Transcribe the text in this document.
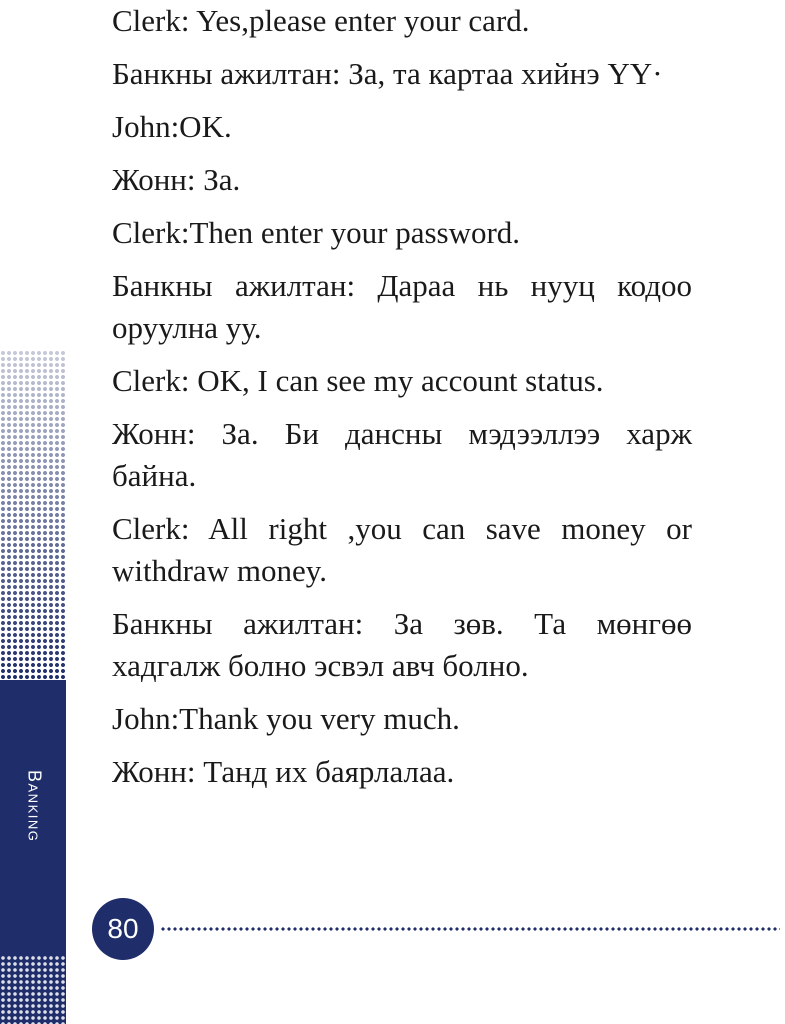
Banking

Clerk: Yes,please enter your card.

Банкны ажилтан: За, та картаа хийнэ ҮҮ·

John:OK.

Жонн: За.

Clerk:Then enter your password.

Банкны ажилтан: Дараа нь нууц кодоо оруулна уу.

Clerk: OK, I can see my account status.

Жонн: За. Би дансны мэдээллээ харж байна.

Clerk: All right ,you can save money or withdraw money.

Банкны ажилтан: За зөв. Та мөнгөө хадгалж болно эсвэл авч болно.

John:Thank you very much.

Жонн: Танд их баярлалаа.

80
